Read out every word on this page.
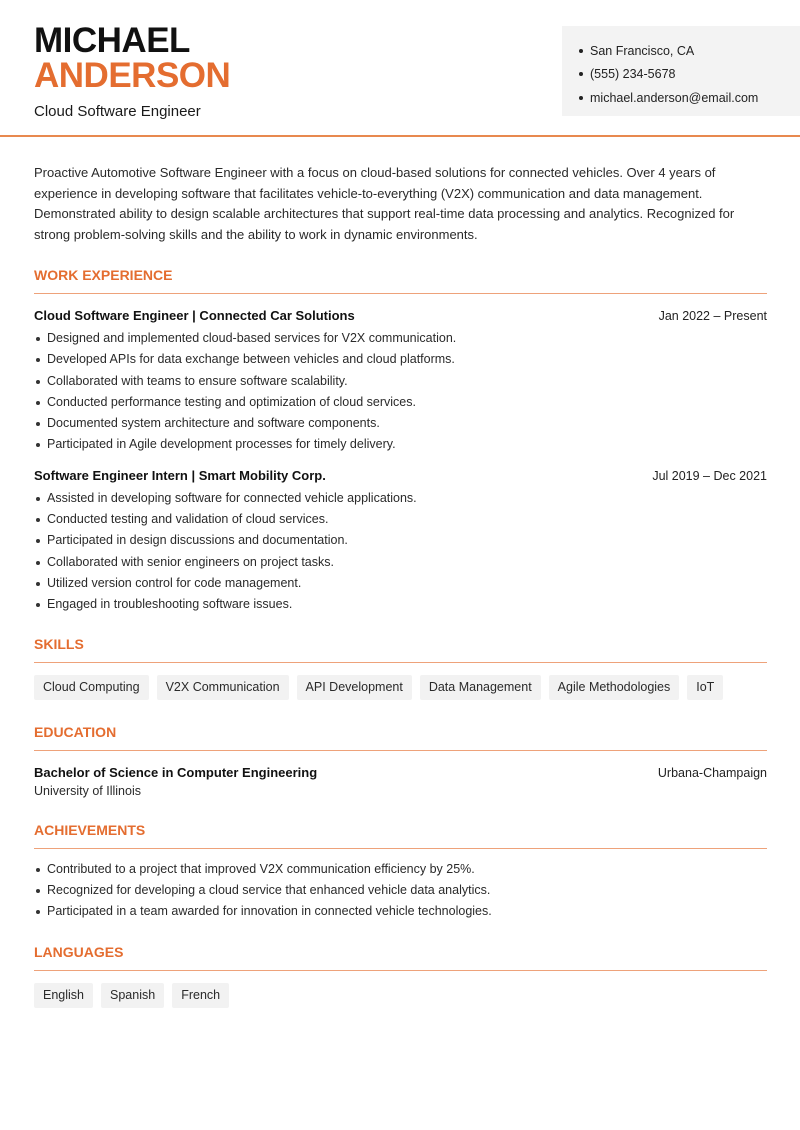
MICHAEL
ANDERSON
Cloud Software Engineer
San Francisco, CA
(555) 234-5678
michael.anderson@email.com

Proactive Automotive Software Engineer with a focus on cloud-based solutions for connected vehicles. Over 4 years of experience in developing software that facilitates vehicle-to-everything (V2X) communication and data management. Demonstrated ability to design scalable architectures that support real-time data processing and analytics. Recognized for strong problem-solving skills and the ability to work in dynamic environments.

WORK EXPERIENCE
Cloud Software Engineer | Connected Car Solutions	Jan 2022 – Present
Designed and implemented cloud-based services for V2X communication.
Developed APIs for data exchange between vehicles and cloud platforms.
Collaborated with teams to ensure software scalability.
Conducted performance testing and optimization of cloud services.
Documented system architecture and software components.
Participated in Agile development processes for timely delivery.
Software Engineer Intern | Smart Mobility Corp.	Jul 2019 – Dec 2021
Assisted in developing software for connected vehicle applications.
Conducted testing and validation of cloud services.
Participated in design discussions and documentation.
Collaborated with senior engineers on project tasks.
Utilized version control for code management.
Engaged in troubleshooting software issues.
SKILLS
Cloud Computing	V2X Communication	API Development	Data Management	Agile Methodologies	IoT
EDUCATION
Bachelor of Science in Computer Engineering	Urbana-Champaign
University of Illinois
ACHIEVEMENTS
Contributed to a project that improved V2X communication efficiency by 25%.
Recognized for developing a cloud service that enhanced vehicle data analytics.
Participated in a team awarded for innovation in connected vehicle technologies.
LANGUAGES
English	Spanish	French
